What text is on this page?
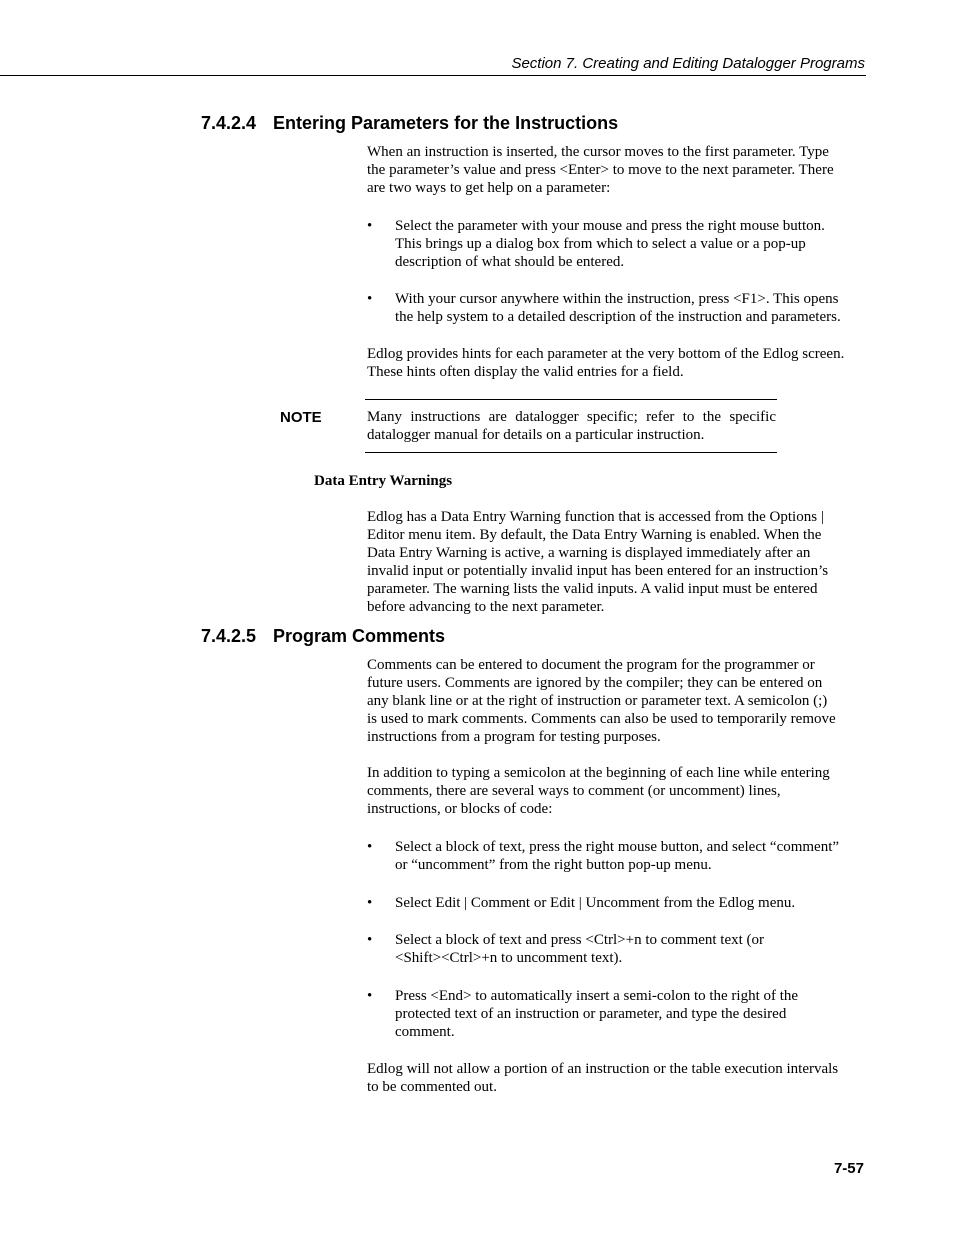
Section 7. Creating and Editing Datalogger Programs
7.4.2.4 Entering Parameters for the Instructions
When an instruction is inserted, the cursor moves to the first parameter. Type
the parameter’s value and press <Enter> to move to the next parameter. There
are two ways to get help on a parameter:
• Select the parameter with your mouse and press the right mouse button.
This brings up a dialog box from which to select a value or a pop-up
description of what should be entered.
• With your cursor anywhere within the instruction, press <F1>. This opens
the help system to a detailed description of the instruction and parameters.
Edlog provides hints for each parameter at the very bottom of the Edlog screen.
These hints often display the valid entries for a field.
NOTE	Many instructions are datalogger specific; refer to the specific
datalogger manual for details on a particular instruction.
Data Entry Warnings
Edlog has a Data Entry Warning function that is accessed from the Options |
Editor menu item. By default, the Data Entry Warning is enabled. When the
Data Entry Warning is active, a warning is displayed immediately after an
invalid input or potentially invalid input has been entered for an instruction’s
parameter. The warning lists the valid inputs. A valid input must be entered
before advancing to the next parameter.
7.4.2.5 Program Comments
Comments can be entered to document the program for the programmer or
future users. Comments are ignored by the compiler; they can be entered on
any blank line or at the right of instruction or parameter text. A semicolon (;)
is used to mark comments. Comments can also be used to temporarily remove
instructions from a program for testing purposes.
In addition to typing a semicolon at the beginning of each line while entering
comments, there are several ways to comment (or uncomment) lines,
instructions, or blocks of code:
• Select a block of text, press the right mouse button, and select “comment”
or “uncomment” from the right button pop-up menu.
• Select Edit | Comment or Edit | Uncomment from the Edlog menu.
• Select a block of text and press <Ctrl>+n to comment text (or
<Shift><Ctrl>+n to uncomment text).
• Press <End> to automatically insert a semi-colon to the right of the
protected text of an instruction or parameter, and type the desired
comment.
Edlog will not allow a portion of an instruction or the table execution intervals
to be commented out.
7-57
